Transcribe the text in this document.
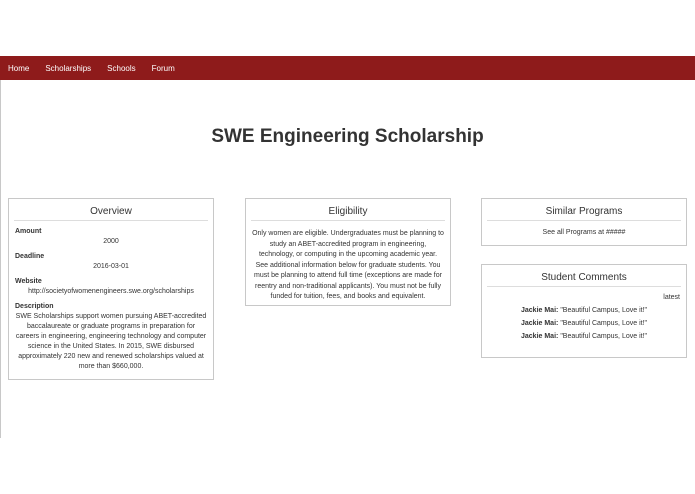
Home Scholarships Schools Forum
SWE Engineering Scholarship
Overview
Amount
2000
Deadline
2016-03-01
Website
http://societyofwomenengineers.swe.org/scholarships
Description
SWE Scholarships support women pursuing ABET-accredited baccalaureate or graduate programs in preparation for careers in engineering, engineering technology and computer science in the United States. In 2015, SWE disbursed approximately 220 new and renewed scholarships valued at more than $660,000.
Eligibility
Only women are eligible. Undergraduates must be planning to study an ABET-accredited program in engineering, technology, or computing in the upcoming academic year. See additional information below for graduate students. You must be planning to attend full time (exceptions are made for reentry and non-traditional applicants). You must not be fully funded for tuition, fees, and books and equivalent.
Similar Programs
See all Programs at #####
Student Comments
latest
Jackie Mai: "Beautiful Campus, Love it!"
Jackie Mai: "Beautiful Campus, Love it!"
Jackie Mai: "Beautiful Campus, Love it!"
